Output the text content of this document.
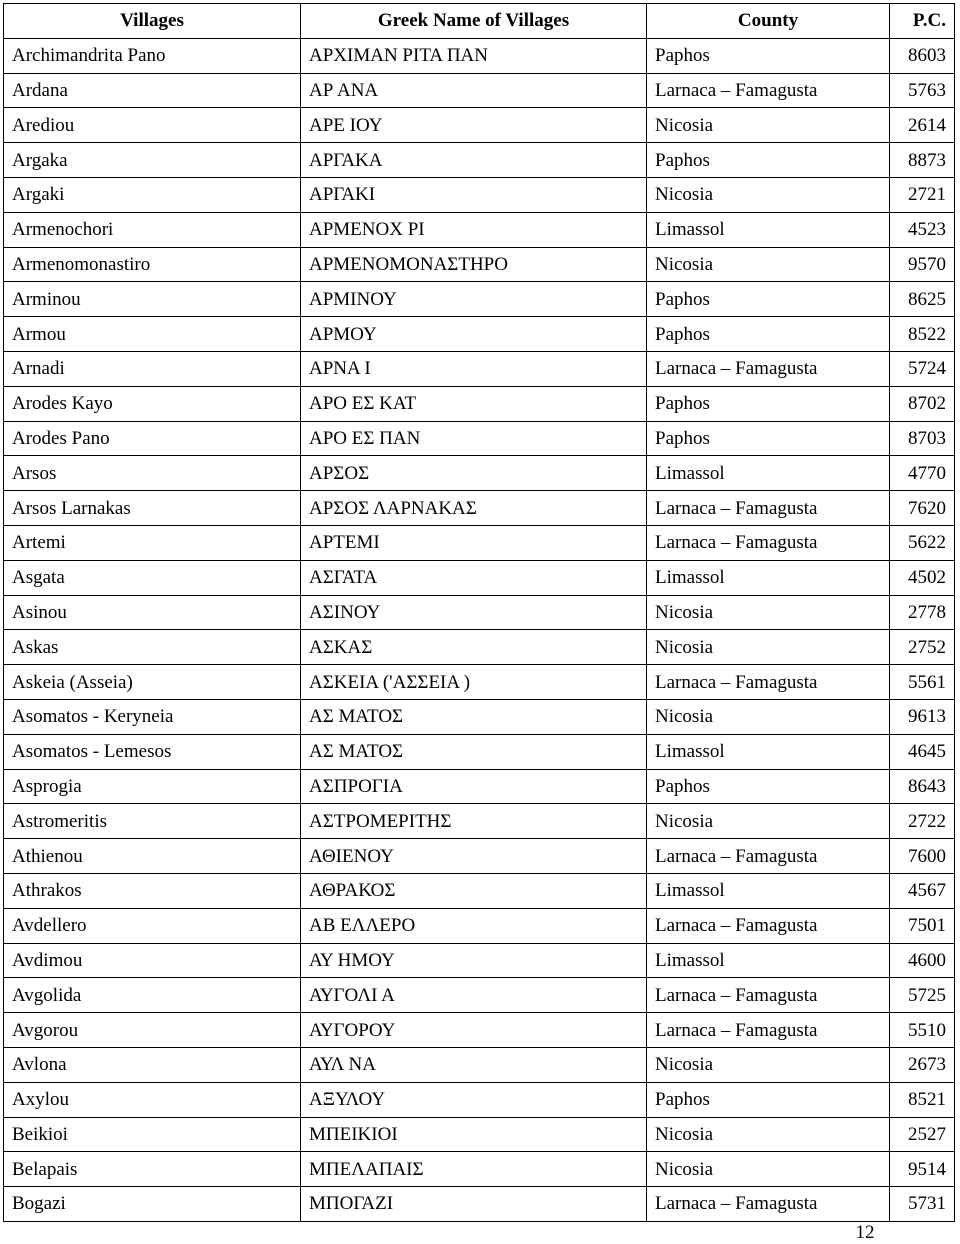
Villages	Greek Name of Villages	County	P.C.
Archimandrita Pano	ΑΡΧΙΜΑΝ ΡΙΤΑ ΠΑΝ	Paphos	8603
Ardana	ΑΡ ΑΝΑ	Larnaca – Famagusta	5763
Arediou	ΑΡΕ ΙΟΥ	Nicosia	2614
Argaka	ΑΡΓΑΚΑ	Paphos	8873
Argaki	ΑΡΓΑΚΙ	Nicosia	2721
Armenochori	ΑΡΜΕΝΟΧ ΡΙ	Limassol	4523
Armenomonastiro	ΑΡΜΕΝΟΜΟΝΑΣΤΗΡΟ	Nicosia	9570
Arminou	ΑΡΜΙΝΟΥ	Paphos	8625
Armou	ΑΡΜΟΥ	Paphos	8522
Arnadi	ΑΡΝΑ Ι	Larnaca – Famagusta	5724
Arodes Kayo	ΑΡΟ ΕΣ ΚΑΤ	Paphos	8702
Arodes Pano	ΑΡΟ ΕΣ ΠΑΝ	Paphos	8703
Arsos	ΑΡΣΟΣ	Limassol	4770
Arsos Larnakas	ΑΡΣΟΣ ΛΑΡΝΑΚΑΣ	Larnaca – Famagusta	7620
Artemi	ΑΡΤΕΜΙ	Larnaca – Famagusta	5622
Asgata	ΑΣΓΑΤΑ	Limassol	4502
Asinou	ΑΣΙΝΟΥ	Nicosia	2778
Askas	ΑΣΚΑΣ	Nicosia	2752
Askeia (Asseia)	ΑΣΚΕΙΑ ('ΑΣΣΕΙΑ )	Larnaca – Famagusta	5561
Asomatos - Keryneia	ΑΣ ΜΑΤΟΣ	Nicosia	9613
Asomatos - Lemesos	ΑΣ ΜΑΤΟΣ	Limassol	4645
Asprogia	ΑΣΠΡΟΓΙΑ	Paphos	8643
Astromeritis	ΑΣΤΡΟΜΕΡΙΤΗΣ	Nicosia	2722
Athienou	ΑΘΙΕΝΟΥ	Larnaca – Famagusta	7600
Athrakos	ΑΘΡΑΚΟΣ	Limassol	4567
Avdellero	ΑΒ ΕΛΛΕΡΟ	Larnaca – Famagusta	7501
Avdimou	ΑΥ ΗΜΟΥ	Limassol	4600
Avgolida	ΑΥΓΟΛΙ Α	Larnaca – Famagusta	5725
Avgorou	ΑΥΓΟΡΟΥ	Larnaca – Famagusta	5510
Avlona	ΑΥΛ ΝΑ	Nicosia	2673
Axylou	ΑΞΥΛΟΥ	Paphos	8521
Beikioi	ΜΠΕΙΚΙΟΙ	Nicosia	2527
Belapais	ΜΠΕΛΑΠΑΙΣ	Nicosia	9514
Bogazi	ΜΠΟΓΑΖΙ	Larnaca – Famagusta	5731
12
